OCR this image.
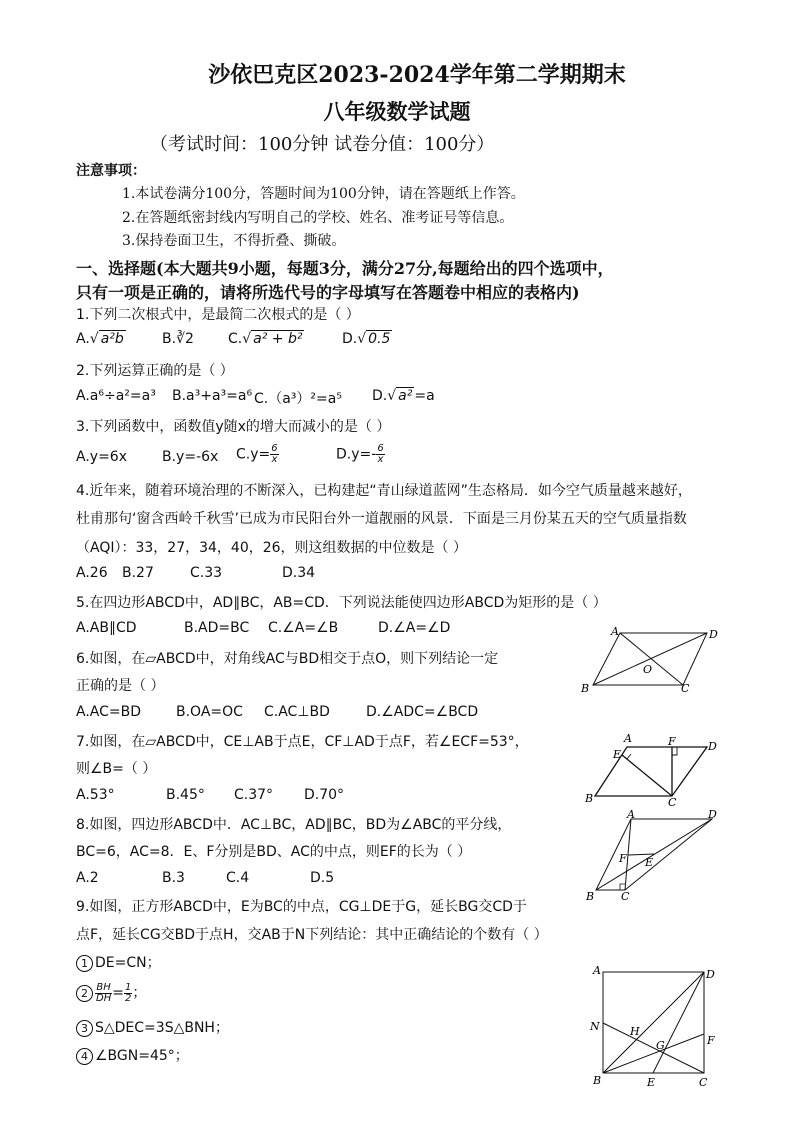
沙依巴克区2023-2024学年第二学期期末
八年级数学试题
（考试时间：100分钟 试卷分值：100分）
注意事项：
1.本试卷满分100分，答题时间为100分钟，请在答题纸上作答。
2.在答题纸密封线内写明自己的学校、姓名、准考证号等信息。
3.保持卷面卫生，不得折叠、撕破。
一、选择题(本大题共9小题，每题3分，满分27分,每题给出的四个选项中，
只有一项是正确的，请将所选代号的字母填写在答题卷中相应的表格内)
1.下列二次根式中，是最简二次根式的是（ ）
A.√ a²b	B.∛2 C.√ a² + b²	D.√ 0.5
2.下列运算正确的是（ ）
A.a⁶÷a²=a³ B.a³+a³=a⁶ C.（a³）²=a⁵ D.√ a² =a
3.下列函数中，函数值y随x的增大而减小的是（ ）
A.y=6x	B.y=-6x $C.y= \frac{6}{x}$	$D.y=- \frac{6}{x}$
4.近年来，随着环境治理的不断深入，已构建起“青山绿道蓝网”生态格局．如今空气质量越来越好，
杜甫那句‘窗含西岭千秋雪’已成为市民阳台外一道靓丽的风景．下面是三月份某五天的空气质量指数
（AQI）：33，27，34，40，26，则这组数据的中位数是（ ）
A.26 B.27	C.33	D.34
5.在四边形ABCD中，AD∥BC，AB=CD．下列说法能使四边形ABCD为矩形的是（ ）
A.AB∥CD	B.AD=BC C.∠A=∠B	D.∠A=∠D
6.如图，在▱ABCD中，对角线AC与BD相交于点O，则下列结论一定
正确的是（ ）
A.AC=BD B.OA=OC C.AC⊥BD	D.∠ADC=∠BCD
7.如图，在▱ABCD中，CE⊥AB于点E，CF⊥AD于点F，若∠ECF=53°，
则∠B=（ ）
A.53°	B.45° C.37° D.70°
8.如图，四边形ABCD中．AC⊥BC，AD∥BC，BD为∠ABC的平分线，
BC=6，AC=8．E、F分别是BD、AC的中点，则EF的长为（ ）
A.2	B.3	C.4	D.5
9.如图，正方形ABCD中，E为BC的中点，CG⊥DE于G，延长BG交CD于
点F，延长CG交BD于点H，交AB于N下列结论：其中正确结论的个数有（ ）
1 DE=CN；
$2 \frac{BH}{DH} = \frac{1}{2}$ ；
3 S△DEC=3S△BNH；
4 ∠BGN=45°；
A	D
B	C
O
A	F	D
E
B	C
A	D
F E
B C
A	D
N	H
G	F
B	E	C
